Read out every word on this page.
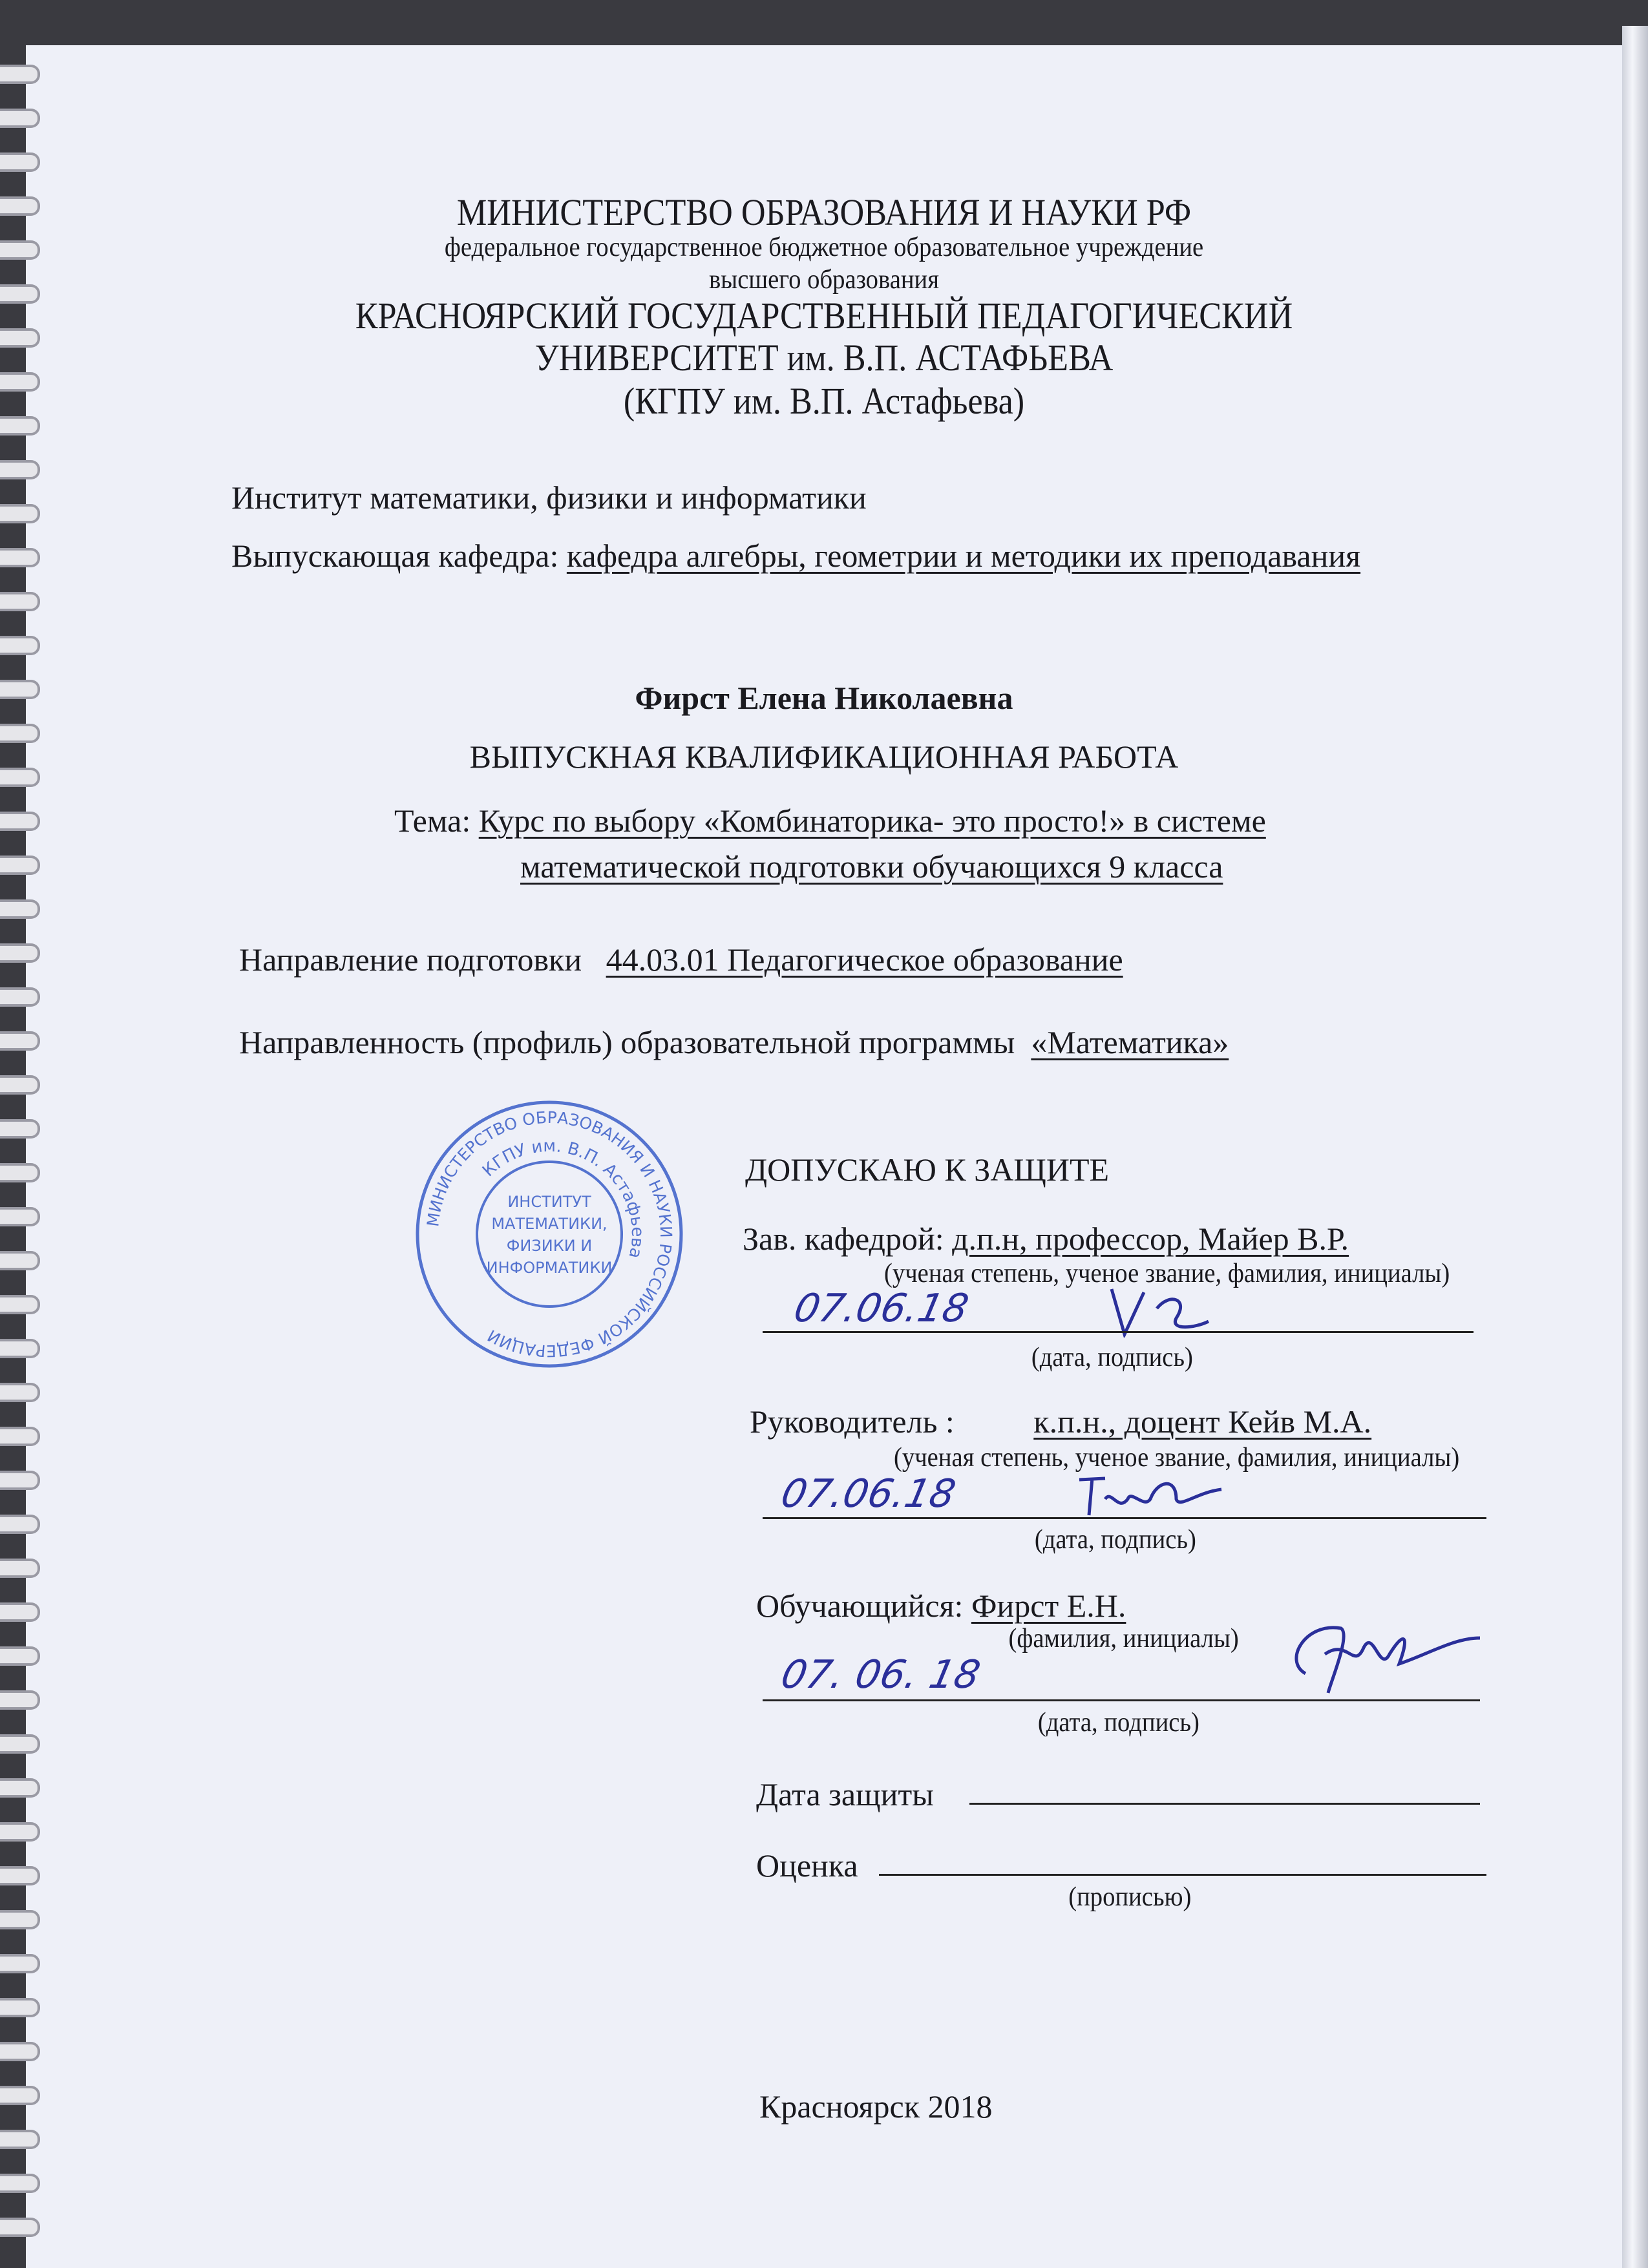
МИНИСТЕРСТВО ОБРАЗОВАНИЯ И НАУКИ РФ
федеральное государственное бюджетное образовательное учреждение
высшего образования
КРАСНОЯРСКИЙ ГОСУДАРСТВЕННЫЙ ПЕДАГОГИЧЕСКИЙ
УНИВЕРСИТЕТ им. В.П. АСТАФЬЕВА
(КГПУ им. В.П. Астафьева)
Институт математики, физики и информатики
Выпускающая кафедра: кафедра алгебры, геометрии и методики их преподавания
Фирст Елена Николаевна
ВЫПУСКНАЯ КВАЛИФИКАЦИОННАЯ РАБОТА
Тема: Курс по выбору «Комбинаторика- это просто!» в системе
математической подготовки обучающихся 9 класса
Направление подготовки 44.03.01 Педагогическое образование
Направленность (профиль) образовательной программы «Математика»
МИНИСТЕРСТВО ОБРАЗОВАНИЯ И НАУКИ РОССИЙСКОЙ ФЕДЕРАЦИИ
КГПУ им. В.П. Астафьева
ИНСТИТУТ
МАТЕМАТИКИ,
ФИЗИКИ И
ИНФОРМАТИКИ
ДОПУСКАЮ К ЗАЩИТЕ
Зав. кафедрой: д.п.н, профессор, Майер В.Р.
(ученая степень, ученое звание, фамилия, инициалы)
07.06.18
(дата, подпись)
Руководитель : к.п.н., доцент Кейв М.А.
(ученая степень, ученое звание, фамилия, инициалы)
07.06.18
(дата, подпись)
Обучающийся: Фирст Е.Н.
(фамилия, инициалы)
07. 06. 18
(дата, подпись)
Дата защиты
Оценка
(прописью)
Красноярск 2018
